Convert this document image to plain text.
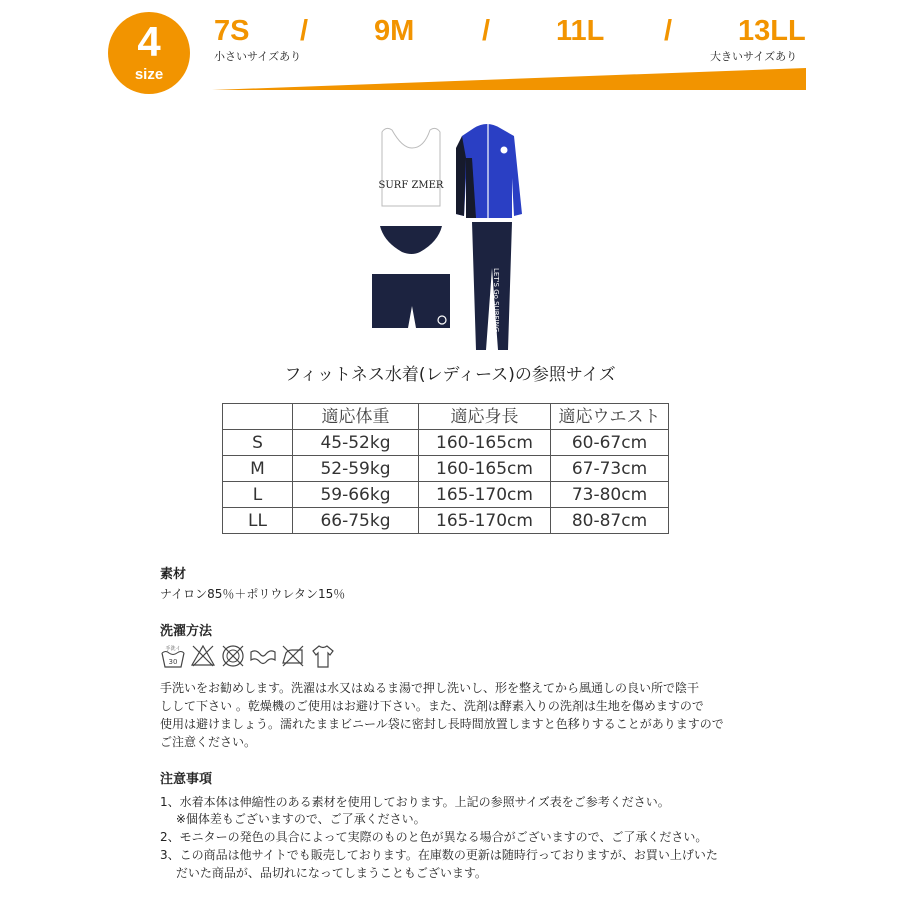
4
size
7S / 9M / 11L / 13LL
小さいサイズあり	大きいサイズあり
SURF ZMER
LET'S Go SURFING
フィットネス水着(レディース)の参照サイズ
	適応体重	適応身長	適応ウエスト
S	45-52kg	160-165cm	60-67cm
M	52-59kg	160-165cm	67-73cm
L	59-66kg	165-170cm	73-80cm
LL	66-75kg	165-170cm	80-87cm
素材
ナイロン85％＋ポリウレタン15％
洗濯方法
手洗イ
30
手洗いをお勧めします。洗濯は水又はぬるま湯で押し洗いし、形を整えてから風通しの良い所で陰干
しして下さい 。乾燥機のご使用はお避け下さい。また、洗剤は酵素入りの洗剤は生地を傷めますので
使用は避けましょう。濡れたままビニール袋に密封し長時間放置しますと色移りすることがありますので
ご注意ください。
注意事項
1、水着本体は伸縮性のある素材を使用しております。上記の参照サイズ表をご参考ください。
　 ※個体差もございますので、ご了承ください。
2、モニターの発色の具合によって実際のものと色が異なる場合がございますので、ご了承ください。
3、この商品は他サイトでも販売しております。在庫数の更新は随時行っておりますが、お買い上げいた
　 だいた商品が、品切れになってしまうこともございます。
